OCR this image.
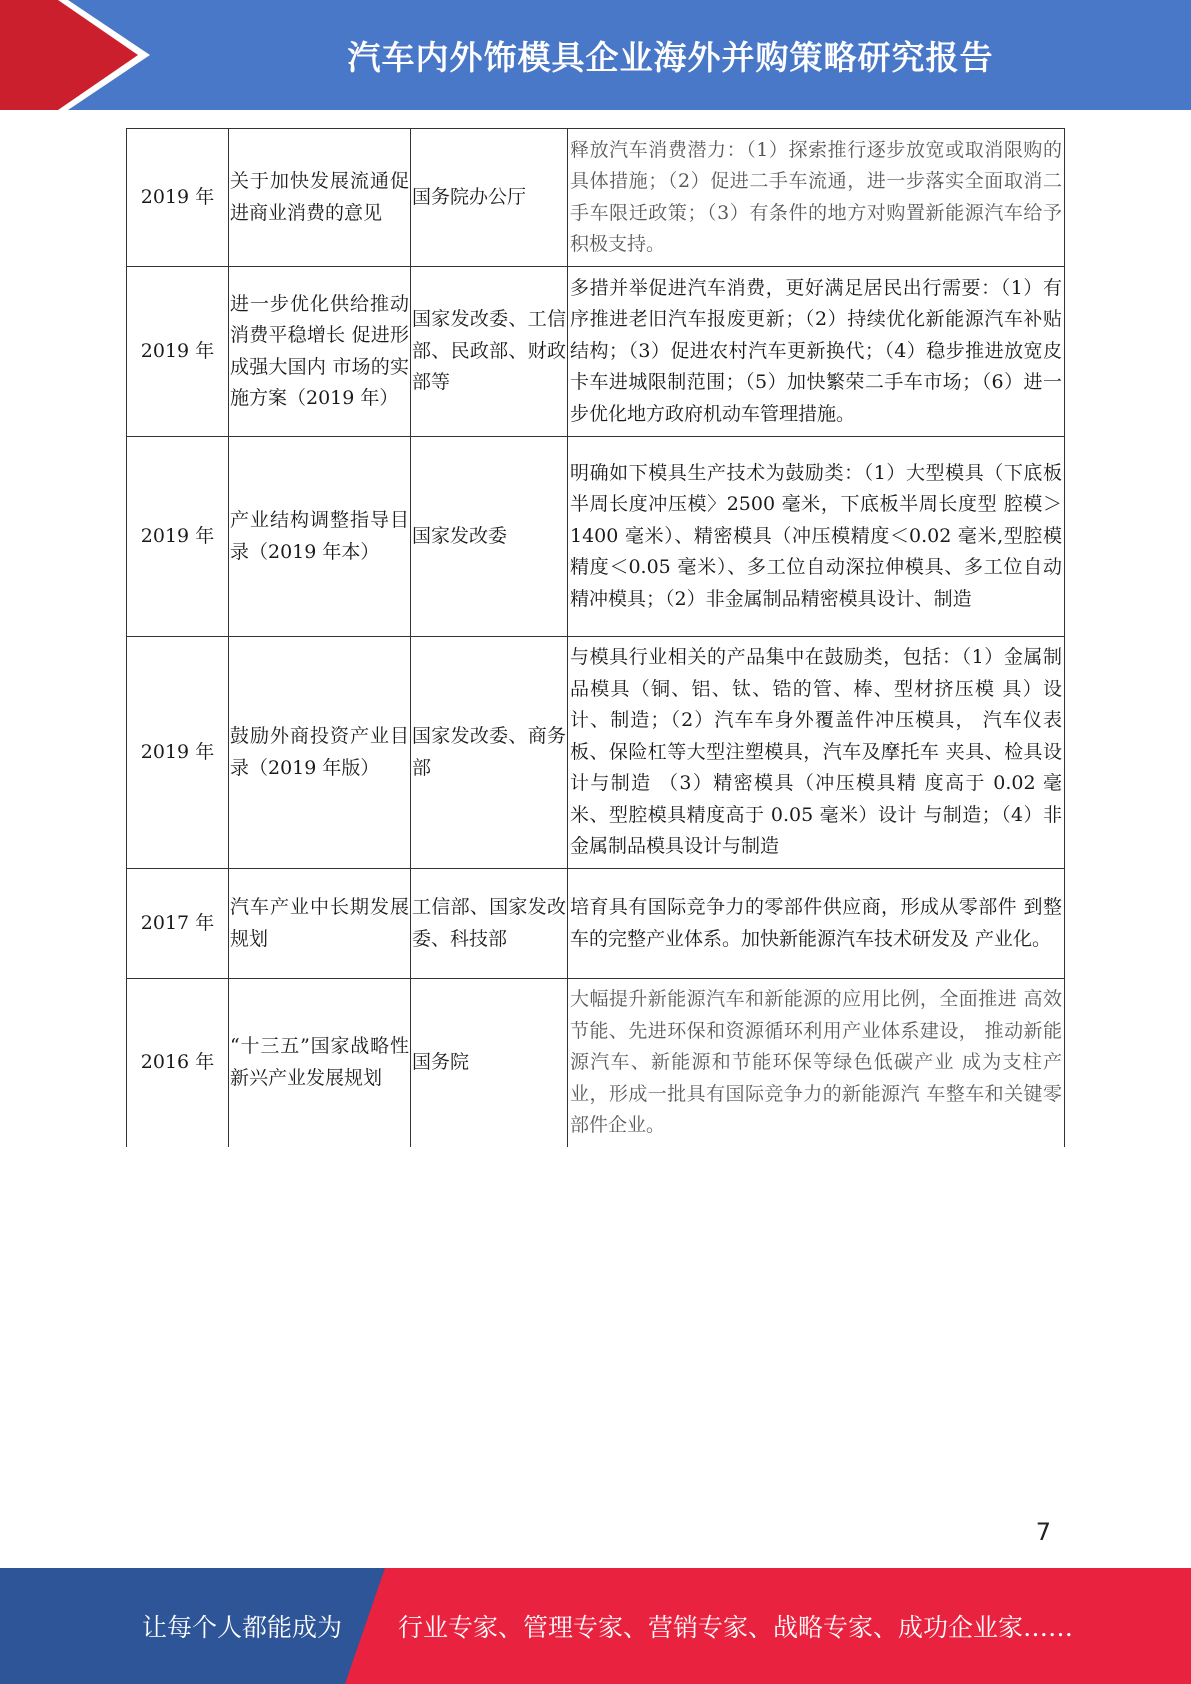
汽车内外饰模具企业海外并购策略研究报告
2019 年	关于加快发展流通促进商业消费的意见	国务院办公厅	释放汽车消费潜力：（1）探索推行逐步放宽或取消限购的具体措施；（2）促进二手车流通，进一步落实全面取消二手车限迁政策；（3）有条件的地方对购置新能源汽车给予积极支持。
2019 年	进一步优化供给推动消费平稳增长 促进形成强大国内 市场的实施方案（2019 年）	国家发改委、工信部、民政部、财政部等	多措并举促进汽车消费，更好满足居民出行需要：（1）有序推进老旧汽车报废更新；（2）持续优化新能源汽车补贴结构；（3）促进农村汽车更新换代；（4）稳步推进放宽皮卡车进城限制范围；（5）加快繁荣二手车市场；（6）进一步优化地方政府机动车管理措施。
2019 年	产业结构调整指导目录（2019 年本）	国家发改委	明确如下模具生产技术为鼓励类：（1）大型模具（下底板半周长度冲压模〉2500 毫米，下底板半周长度型 腔模＞1400 毫米）、精密模具（冲压模精度＜0.02 毫米,型腔模精度＜0.05 毫米）、多工位自动深拉伸模具、多工位自动精冲模具；（2）非金属制品精密模具设计、制造
2019 年	鼓励外商投资产业目录（2019 年版）	国家发改委、商务部	与模具行业相关的产品集中在鼓励类，包括：（1）金属制品模具（铜、铝、钛、锆的管、棒、型材挤压模 具）设计、制造；（2）汽车车身外覆盖件冲压模具， 汽车仪表板、保险杠等大型注塑模具，汽车及摩托车 夹具、检具设计与制造 （3）精密模具（冲压模具精 度高于 0.02 毫米、型腔模具精度高于 0.05 毫米）设计 与制造；（4）非金属制品模具设计与制造
2017 年	汽车产业中长期发展规划	工信部、国家发改委、科技部	培育具有国际竞争力的零部件供应商，形成从零部件 到整车的完整产业体系。加快新能源汽车技术研发及 产业化。
2016 年	“十三五”国家战略性新兴产业发展规划	国务院	大幅提升新能源汽车和新能源的应用比例，全面推进 高效节能、先进环保和资源循环利用产业体系建设， 推动新能源汽车、新能源和节能环保等绿色低碳产业 成为支柱产业，形成一批具有国际竞争力的新能源汽 车整车和关键零部件企业。
7
让每个人都能成为 行业专家、管理专家、营销专家、战略专家、成功企业家……
